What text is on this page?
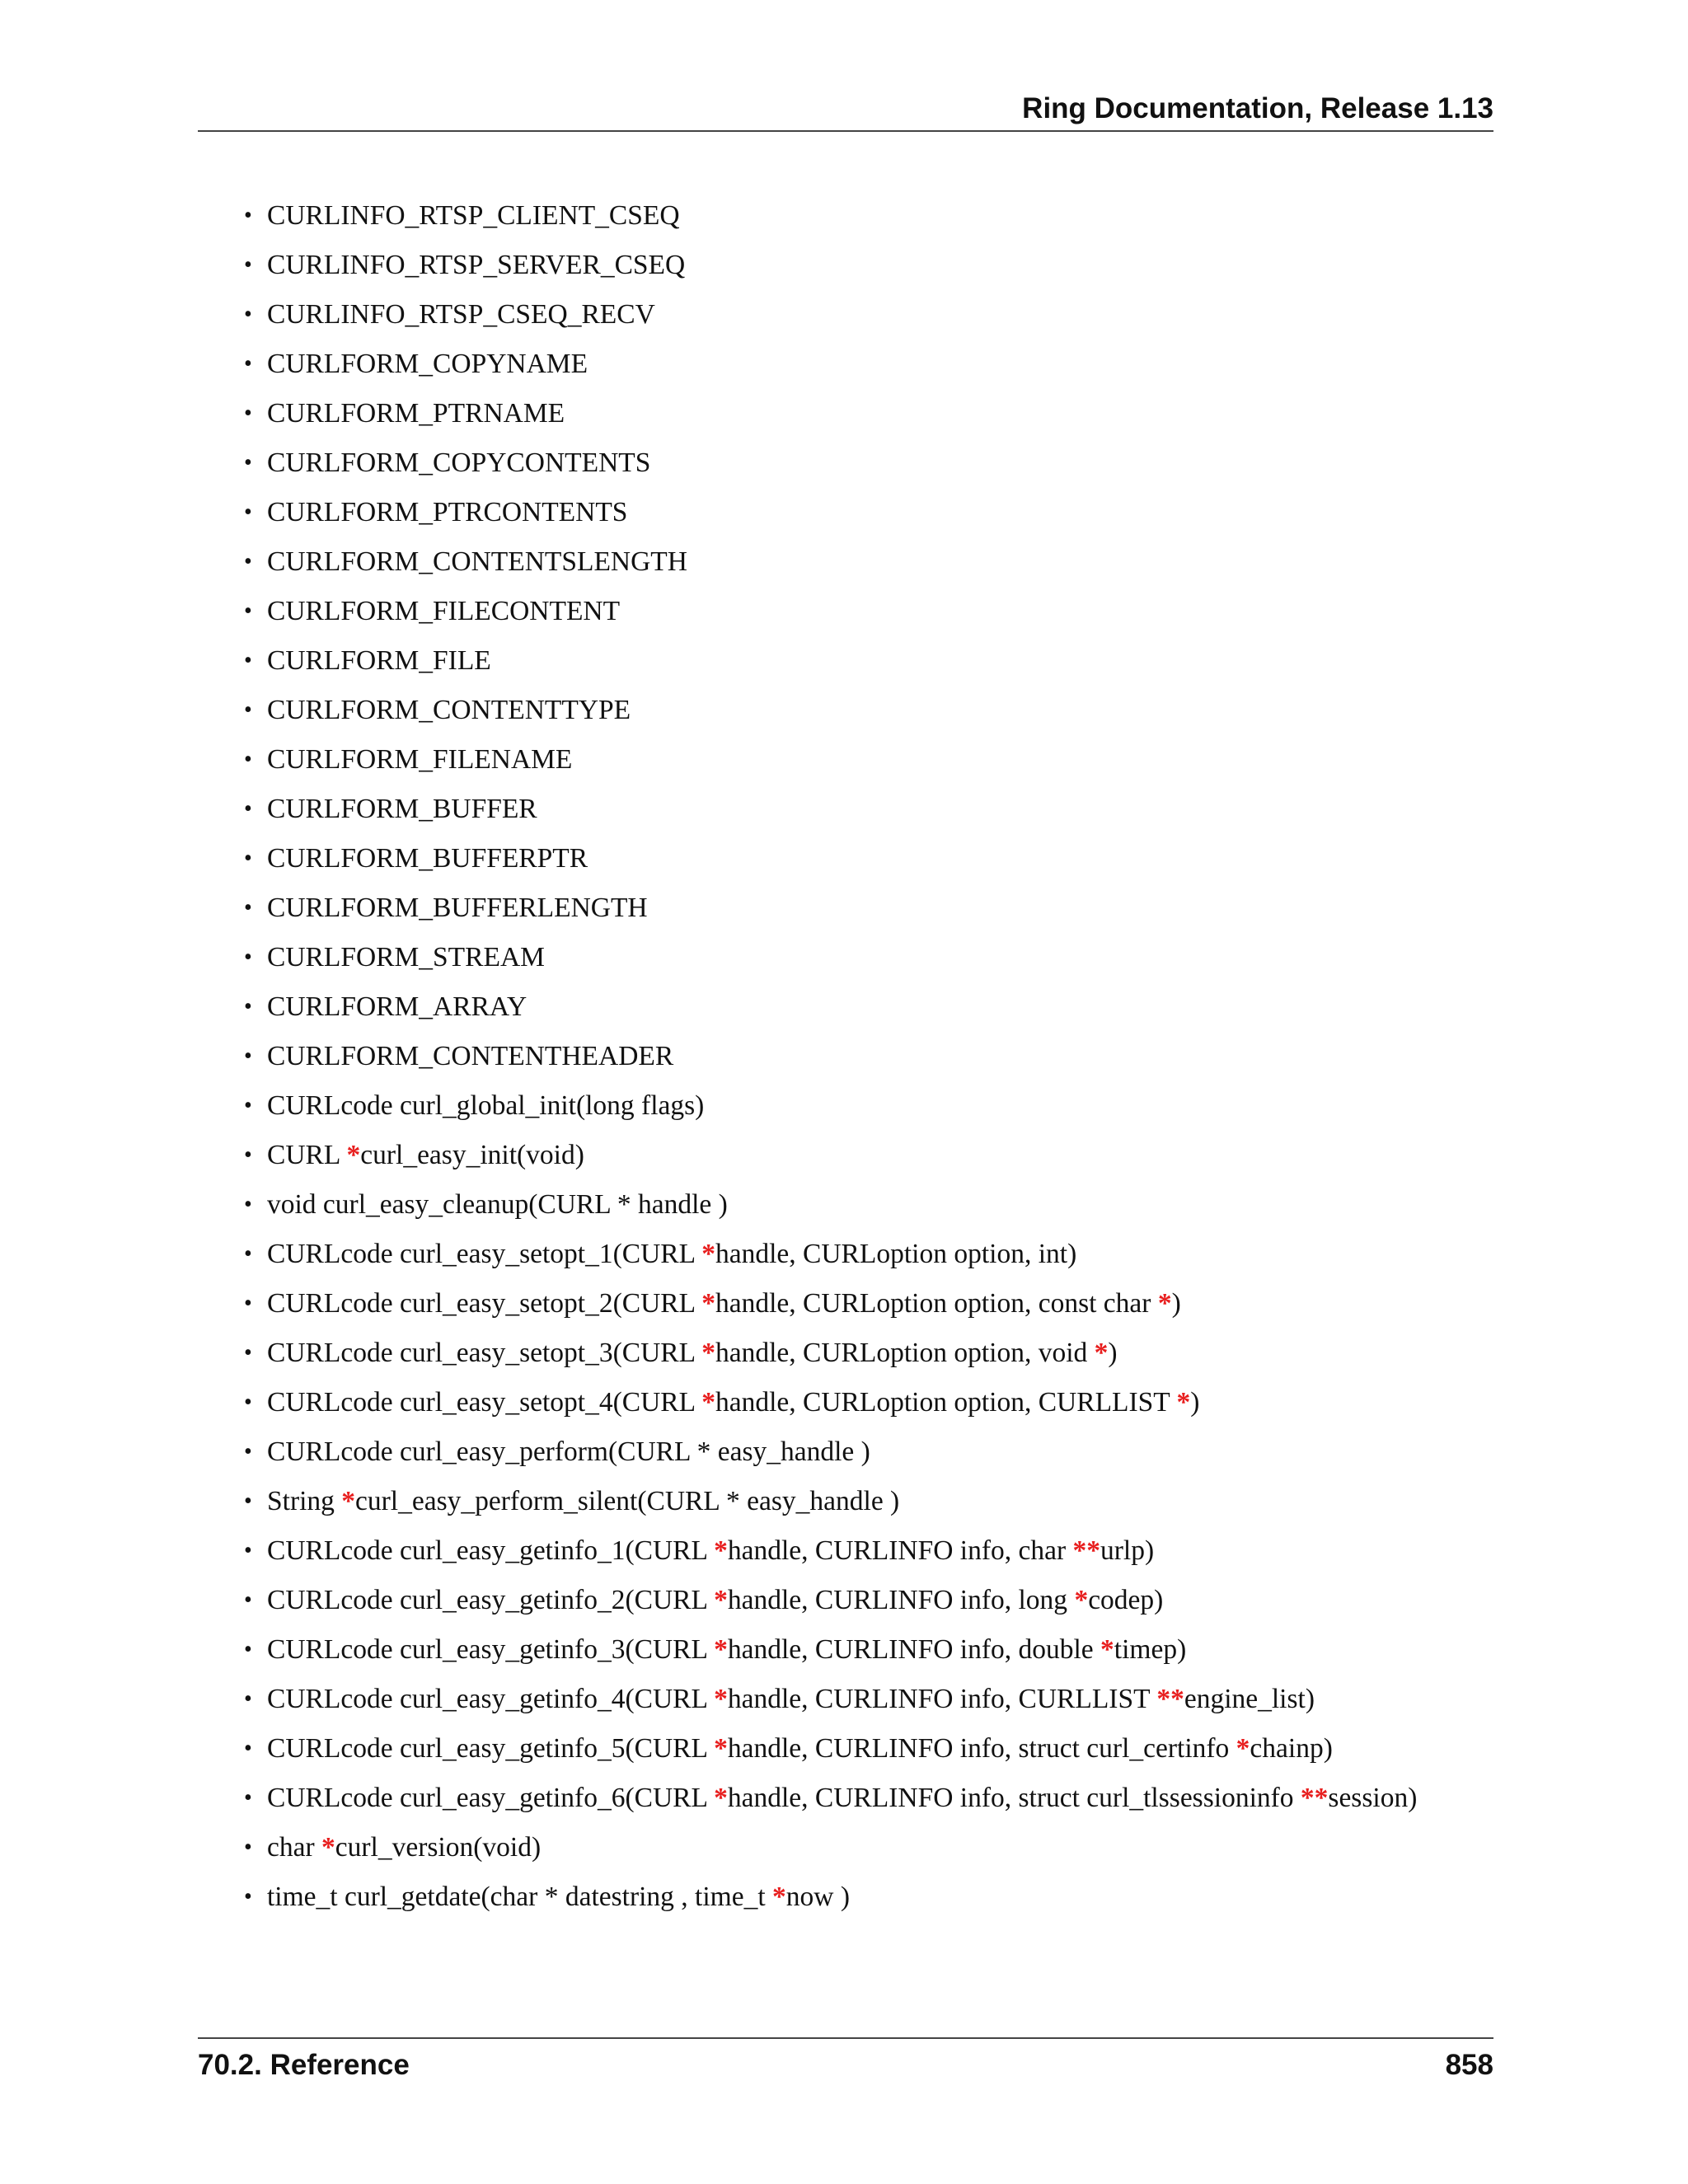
Ring Documentation, Release 1.13
• CURLINFO_RTSP_CLIENT_CSEQ
• CURLINFO_RTSP_SERVER_CSEQ
• CURLINFO_RTSP_CSEQ_RECV
• CURLFORM_COPYNAME
• CURLFORM_PTRNAME
• CURLFORM_COPYCONTENTS
• CURLFORM_PTRCONTENTS
• CURLFORM_CONTENTSLENGTH
• CURLFORM_FILECONTENT
• CURLFORM_FILE
• CURLFORM_CONTENTTYPE
• CURLFORM_FILENAME
• CURLFORM_BUFFER
• CURLFORM_BUFFERPTR
• CURLFORM_BUFFERLENGTH
• CURLFORM_STREAM
• CURLFORM_ARRAY
• CURLFORM_CONTENTHEADER
• CURLcode curl_global_init(long flags)
• CURL *curl_easy_init(void)
• void curl_easy_cleanup(CURL * handle )
• CURLcode curl_easy_setopt_1(CURL *handle, CURLoption option, int)
• CURLcode curl_easy_setopt_2(CURL *handle, CURLoption option, const char *)
• CURLcode curl_easy_setopt_3(CURL *handle, CURLoption option, void *)
• CURLcode curl_easy_setopt_4(CURL *handle, CURLoption option, CURLLIST *)
• CURLcode curl_easy_perform(CURL * easy_handle )
• String *curl_easy_perform_silent(CURL * easy_handle )
• CURLcode curl_easy_getinfo_1(CURL *handle, CURLINFO info, char **urlp)
• CURLcode curl_easy_getinfo_2(CURL *handle, CURLINFO info, long *codep)
• CURLcode curl_easy_getinfo_3(CURL *handle, CURLINFO info, double *timep)
• CURLcode curl_easy_getinfo_4(CURL *handle, CURLINFO info, CURLLIST **engine_list)
• CURLcode curl_easy_getinfo_5(CURL *handle, CURLINFO info, struct curl_certinfo *chainp)
• CURLcode curl_easy_getinfo_6(CURL *handle, CURLINFO info, struct curl_tlssessioninfo **session)
• char *curl_version(void)
• time_t curl_getdate(char * datestring , time_t *now )
70.2. Reference	858
